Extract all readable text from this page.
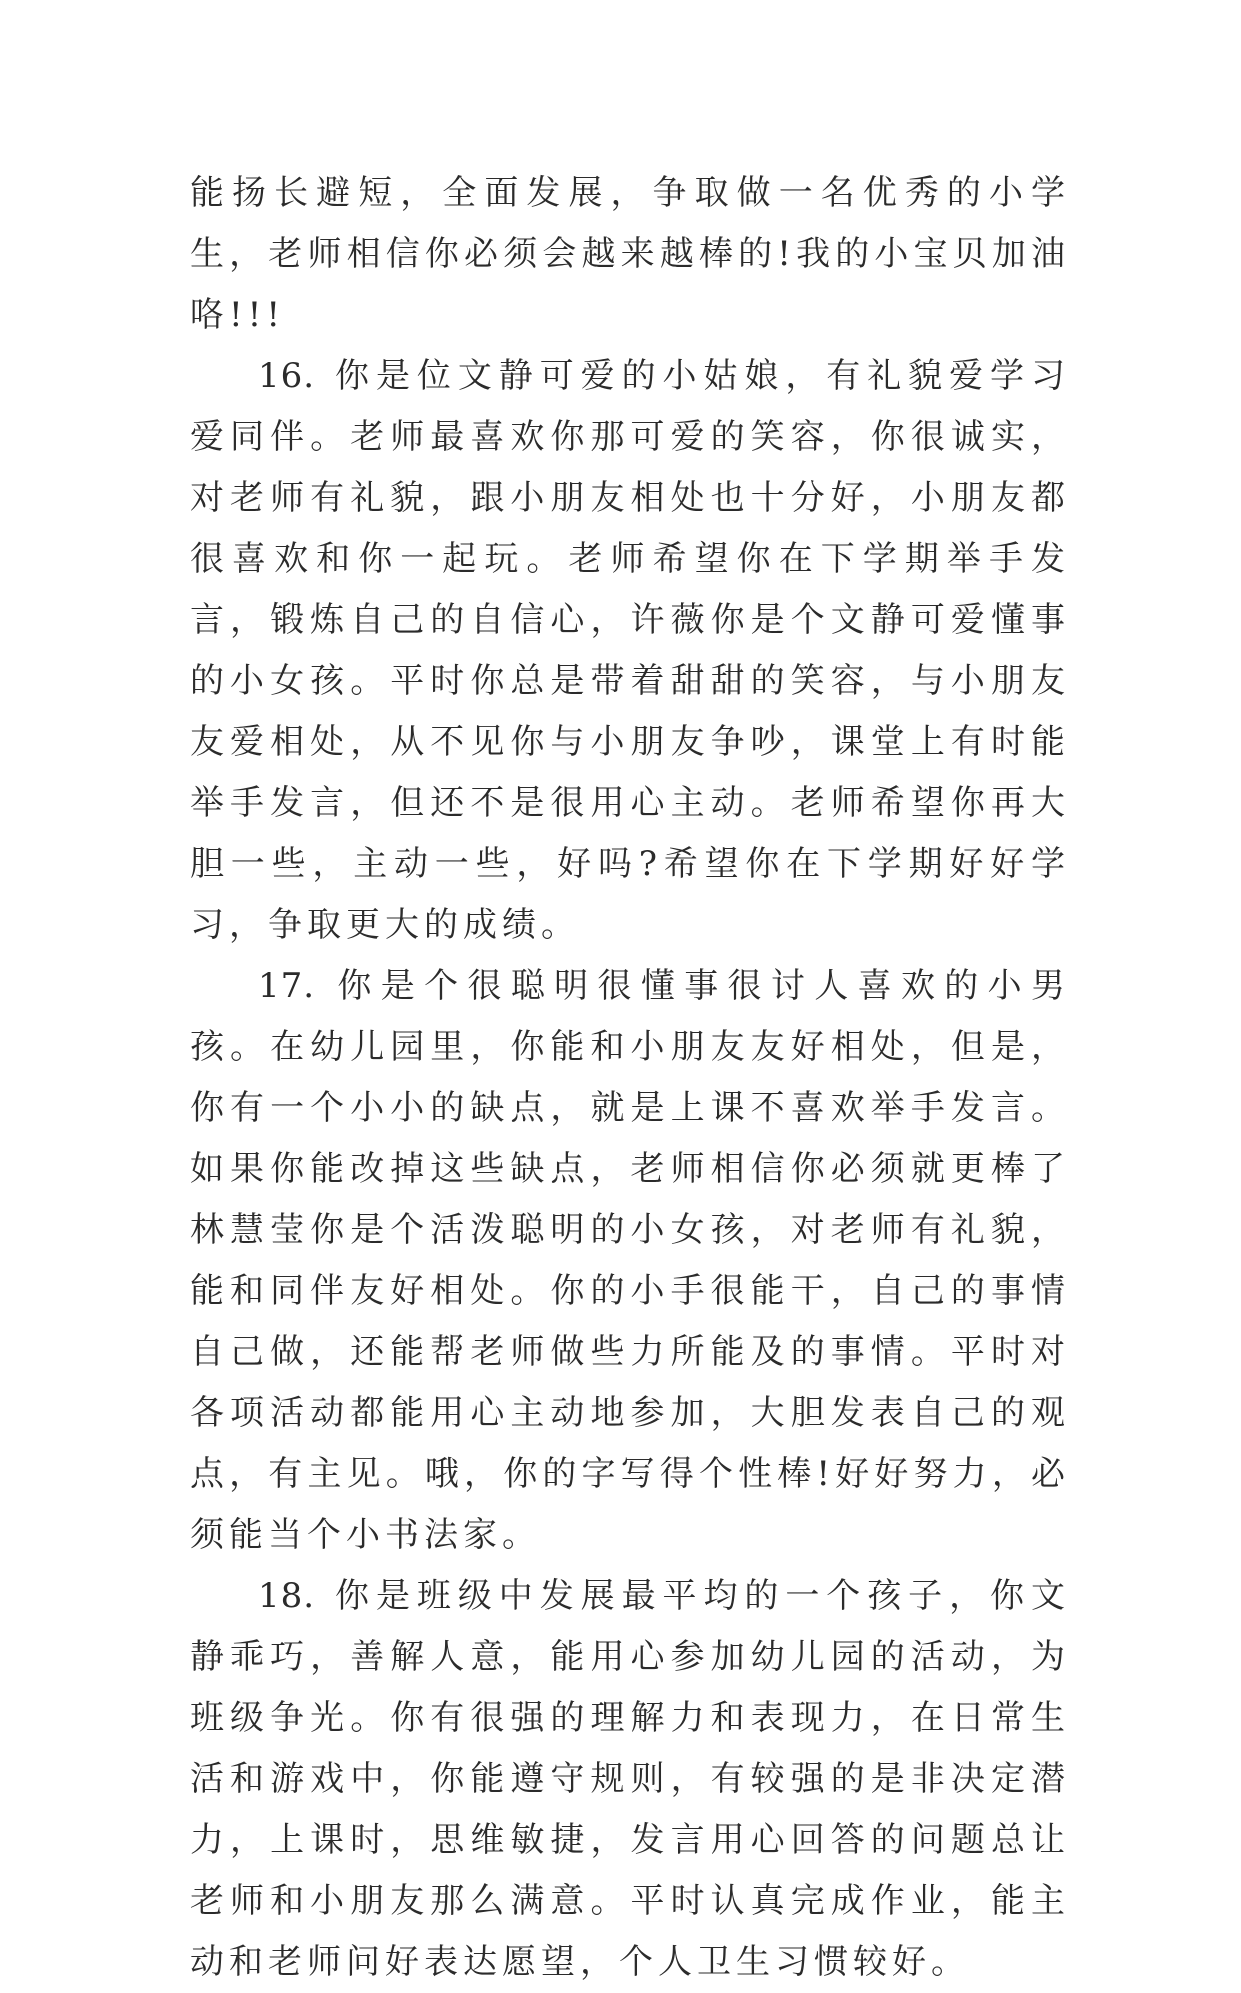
能扬长避短，全面发展，争取做一名优秀的小学生，老师相信你必须会越来越棒的!我的小宝贝加油咯!!!

16. 你是位文静可爱的小姑娘，有礼貌爱学习爱同伴。老师最喜欢你那可爱的笑容，你很诚实，对老师有礼貌，跟小朋友相处也十分好，小朋友都很喜欢和你一起玩。老师希望你在下学期举手发言，锻炼自己的自信心，许薇你是个文静可爱懂事的小女孩。平时你总是带着甜甜的笑容，与小朋友友爱相处，从不见你与小朋友争吵，课堂上有时能举手发言，但还不是很用心主动。老师希望你再大胆一些，主动一些，好吗?希望你在下学期好好学习，争取更大的成绩。

17. 你是个很聪明很懂事很讨人喜欢的小男孩。在幼儿园里，你能和小朋友友好相处，但是，你有一个小小的缺点，就是上课不喜欢举手发言。如果你能改掉这些缺点，老师相信你必须就更棒了林慧莹你是个活泼聪明的小女孩，对老师有礼貌，能和同伴友好相处。你的小手很能干，自己的事情自己做，还能帮老师做些力所能及的事情。平时对各项活动都能用心主动地参加，大胆发表自己的观点，有主见。哦，你的字写得个性棒!好好努力，必须能当个小书法家。

18. 你是班级中发展最平均的一个孩子，你文静乖巧，善解人意，能用心参加幼儿园的活动，为班级争光。你有很强的理解力和表现力，在日常生活和游戏中，你能遵守规则，有较强的是非决定潜力，上课时，思维敏捷，发言用心回答的问题总让老师和小朋友那么满意。平时认真完成作业，能主动和老师问好表达愿望，个人卫生习惯较好。
